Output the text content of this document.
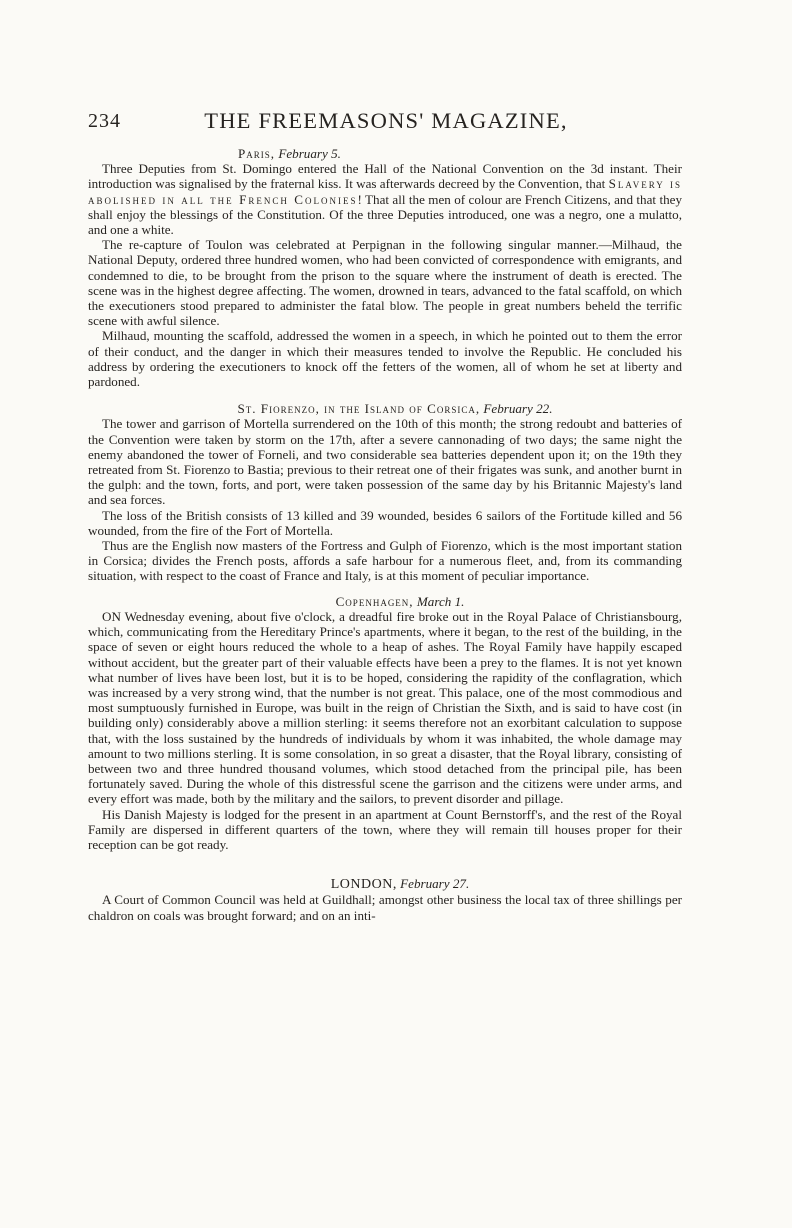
234	THE FREEMASONS' MAGAZINE,
Paris, February 5.

Three Deputies from St. Domingo entered the Hall of the National Convention on the 3d instant. Their introduction was signalised by the fraternal kiss. It was afterwards decreed by the Convention, that Slavery is abolished in all the French Colonies! That all the men of colour are French Citizens, and that they shall enjoy the blessings of the Constitution. Of the three Deputies introduced, one was a negro, one a mulatto, and one a white.

The re-capture of Toulon was celebrated at Perpignan in the following singular manner.—Milhaud, the National Deputy, ordered three hundred women, who had been convicted of correspondence with emigrants, and condemned to die, to be brought from the prison to the square where the instrument of death is erected. The scene was in the highest degree affecting. The women, drowned in tears, advanced to the fatal scaffold, on which the executioners stood prepared to administer the fatal blow. The people in great numbers beheld the terrific scene with awful silence.

Milhaud, mounting the scaffold, addressed the women in a speech, in which he pointed out to them the error of their conduct, and the danger in which their measures tended to involve the Republic. He concluded his address by ordering the executioners to knock off the fetters of the women, all of whom he set at liberty and pardoned.

St. Fiorenzo, in the Island of Corsica, February 22.

The tower and garrison of Mortella surrendered on the 10th of this month; the strong redoubt and batteries of the Convention were taken by storm on the 17th, after a severe cannonading of two days; the same night the enemy abandoned the tower of Forneli, and two considerable sea batteries dependent upon it; on the 19th they retreated from St. Fiorenzo to Bastia; previous to their retreat one of their frigates was sunk, and another burnt in the gulph: and the town, forts, and port, were taken possession of the same day by his Britannic Majesty's land and sea forces.

The loss of the British consists of 13 killed and 39 wounded, besides 6 sailors of the Fortitude killed and 56 wounded, from the fire of the Fort of Mortella.

Thus are the English now masters of the Fortress and Gulph of Fiorenzo, which is the most important station in Corsica; divides the French posts, affords a safe harbour for a numerous fleet, and, from its commanding situation, with respect to the coast of France and Italy, is at this moment of peculiar importance.

Copenhagen, March 1.

ON Wednesday evening, about five o'clock, a dreadful fire broke out in the Royal Palace of Christiansbourg, which, communicating from the Hereditary Prince's apartments, where it began, to the rest of the building, in the space of seven or eight hours reduced the whole to a heap of ashes. The Royal Family have happily escaped without accident, but the greater part of their valuable effects have been a prey to the flames. It is not yet known what number of lives have been lost, but it is to be hoped, considering the rapidity of the conflagration, which was increased by a very strong wind, that the number is not great. This palace, one of the most commodious and most sumptuously furnished in Europe, was built in the reign of Christian the Sixth, and is said to have cost (in building only) considerably above a million sterling: it seems therefore not an exorbitant calculation to suppose that, with the loss sustained by the hundreds of individuals by whom it was inhabited, the whole damage may amount to two millions sterling. It is some consolation, in so great a disaster, that the Royal library, consisting of between two and three hundred thousand volumes, which stood detached from the principal pile, has been fortunately saved. During the whole of this distressful scene the garrison and the citizens were under arms, and every effort was made, both by the military and the sailors, to prevent disorder and pillage.

His Danish Majesty is lodged for the present in an apartment at Count Bernstorff's, and the rest of the Royal Family are dispersed in different quarters of the town, where they will remain till houses proper for their reception can be got ready.

LONDON, February 27.

A Court of Common Council was held at Guildhall; amongst other business the local tax of three shillings per chaldron on coals was brought forward; and on an inti-
